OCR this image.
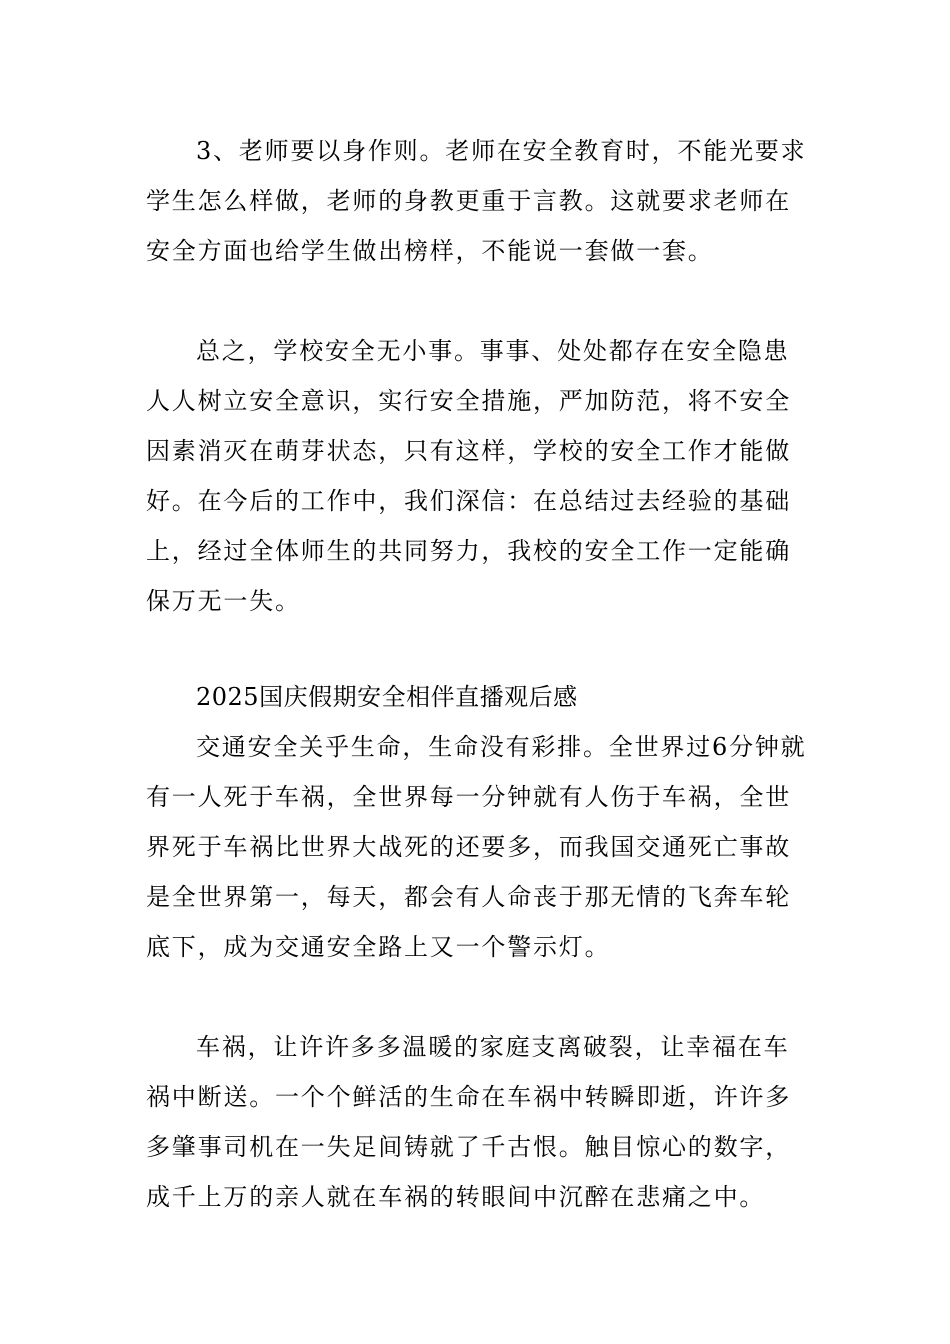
3、老师要以身作则。老师在安全教育时，不能光要求学生怎么样做，老师的身教更重于言教。这就要求老师在安全方面也给学生做出榜样，不能说一套做一套。

总之，学校安全无小事。事事、处处都存在安全隐患人人树立安全意识，实行安全措施，严加防范，将不安全因素消灭在萌芽状态，只有这样，学校的安全工作才能做好。在今后的工作中，我们深信：在总结过去经验的基础上，经过全体师生的共同努力，我校的安全工作一定能确保万无一失。

2025国庆假期安全相伴直播观后感

交通安全关乎生命，生命没有彩排。全世界过6分钟就有一人死于车祸，全世界每一分钟就有人伤于车祸，全世界死于车祸比世界大战死的还要多，而我国交通死亡事故是全世界第一，每天，都会有人命丧于那无情的飞奔车轮底下，成为交通安全路上又一个警示灯。

车祸，让许许多多温暖的家庭支离破裂，让幸福在车祸中断送。一个个鲜活的生命在车祸中转瞬即逝，许许多多肇事司机在一失足间铸就了千古恨。触目惊心的数字，成千上万的亲人就在车祸的转眼间中沉醉在悲痛之中。
